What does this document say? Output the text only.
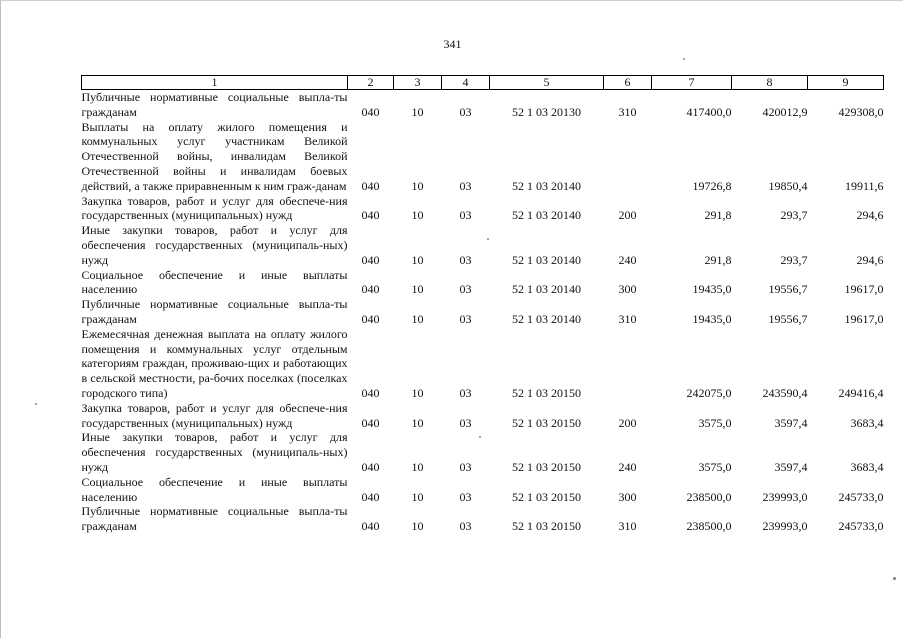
341
1	2	3	4	5	6	7	8	9
Публичные нормативные социальные выпла-ты гражданам	040	10	03	52 1 03 20130	310	417400,0	420012,9	429308,0
Выплаты на оплату жилого помещения и коммунальных услуг участникам Великой Отечественной войны, инвалидам Великой Отечественной войны и инвалидам боевых действий, а также приравненным к ним граж-данам	040	10	03	52 1 03 20140		19726,8	19850,4	19911,6
Закупка товаров, работ и услуг для обеспече-ния государственных (муниципальных) нужд	040	10	03	52 1 03 20140	200	291,8	293,7	294,6
Иные закупки товаров, работ и услуг для обеспечения государственных (муниципаль-ных) нужд	040	10	03	52 1 03 20140	240	291,8	293,7	294,6
Социальное обеспечение и иные выплаты населению	040	10	03	52 1 03 20140	300	19435,0	19556,7	19617,0
Публичные нормативные социальные выпла-ты гражданам	040	10	03	52 1 03 20140	310	19435,0	19556,7	19617,0
Ежемесячная денежная выплата на оплату жилого помещения и коммунальных услуг отдельным категориям граждан, проживаю-щих и работающих в сельской местности, ра-бочих поселках (поселках городского типа)	040	10	03	52 1 03 20150		242075,0	243590,4	249416,4
Закупка товаров, работ и услуг для обеспече-ния государственных (муниципальных) нужд	040	10	03	52 1 03 20150	200	3575,0	3597,4	3683,4
Иные закупки товаров, работ и услуг для обеспечения государственных (муниципаль-ных) нужд	040	10	03	52 1 03 20150	240	3575,0	3597,4	3683,4
Социальное обеспечение и иные выплаты населению	040	10	03	52 1 03 20150	300	238500,0	239993,0	245733,0
Публичные нормативные социальные выпла-ты гражданам	040	10	03	52 1 03 20150	310	238500,0	239993,0	245733,0
